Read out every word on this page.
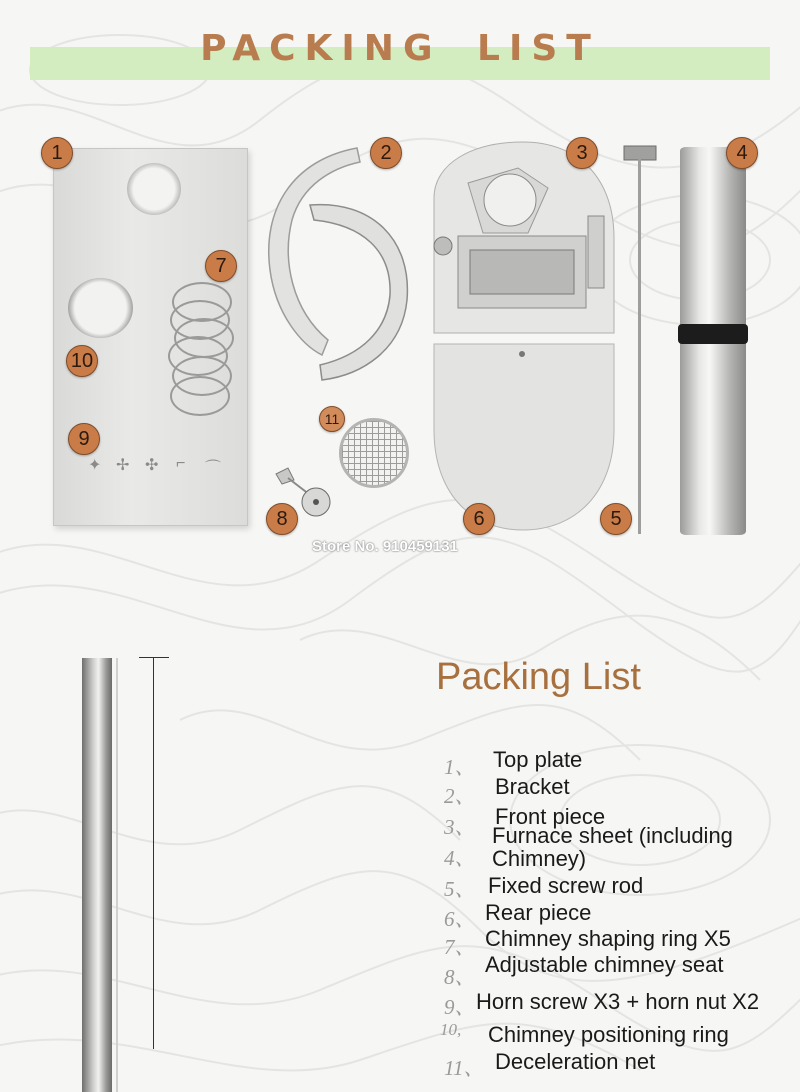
PACKING LIST
✦ ✢ ✣ ⌐ ⌒
1	2	3	4
5
6
7
8
9
10
11
Store No. 910459131
Packing List
1、 Top plate
2、 Bracket
3、 Front piece
4、
Furnace sheet (including
Chimney)
5、 Fixed screw rod
6、 Rear piece
7、 Chimney shaping ring X5
8、 Adjustable chimney seat
9、 Horn screw X3 + horn nut X2
10, Chimney positioning ring
11、 Deceleration net
